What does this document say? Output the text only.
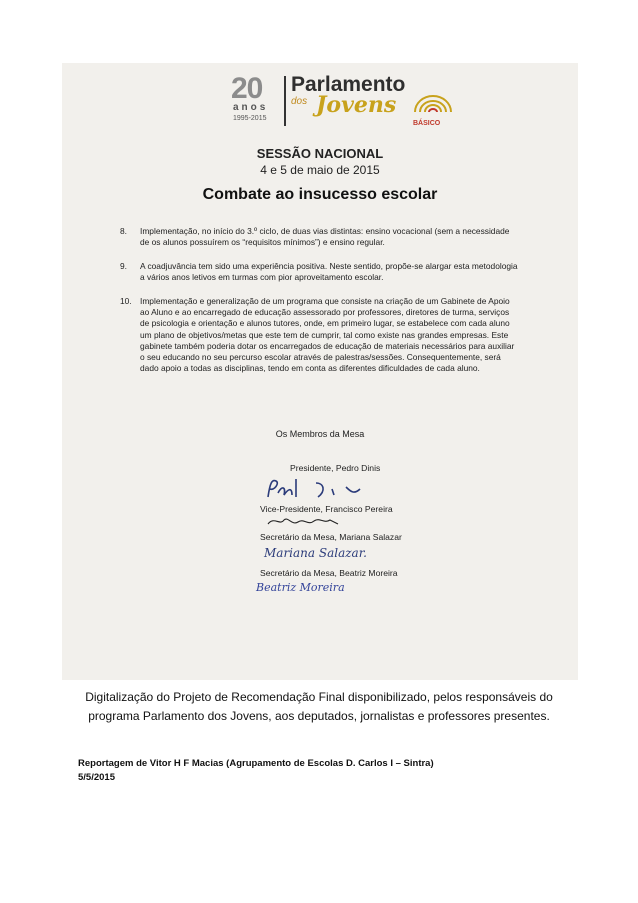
20
anos
1995-2015
Parlamento
dos Jovens
BÁSICO
SESSÃO NACIONAL
4 e 5 de maio de 2015
Combate ao insucesso escolar
8. Implementação, no início do 3.º ciclo, de duas vias distintas: ensino vocacional (sem a necessidade de os alunos possuírem os “requisitos mínimos”) e ensino regular.
9. A coadjuvância tem sido uma experiência positiva. Neste sentido, propõe-se alargar esta metodologia a vários anos letivos em turmas com pior aproveitamento escolar.
10. Implementação e generalização de um programa que consiste na criação de um Gabinete de Apoio ao Aluno e ao encarregado de educação assessorado por professores, diretores de turma, serviços de psicologia e orientação e alunos tutores, onde, em primeiro lugar, se estabelece com cada aluno um plano de objetivos/metas que este tem de cumprir, tal como existe nas grandes empresas. Este gabinete também poderia dotar os encarregados de educação de materiais necessários para auxiliar o seu educando no seu percurso escolar através de palestras/sessões. Consequentemente, será dado apoio a todas as disciplinas, tendo em conta as diferentes dificuldades de cada aluno.
Os Membros da Mesa
Presidente, Pedro Dinis
Vice-Presidente, Francisco Pereira
Secretário da Mesa, Mariana Salazar
Mariana Salazar.
Secretário da Mesa, Beatriz Moreira
Beatriz Moreira
Digitalização do Projeto de Recomendação Final disponibilizado, pelos responsáveis do programa Parlamento dos Jovens, aos deputados, jornalistas e professores presentes.
Reportagem de Vitor H F Macias (Agrupamento de Escolas D. Carlos I – Sintra)
5/5/2015
